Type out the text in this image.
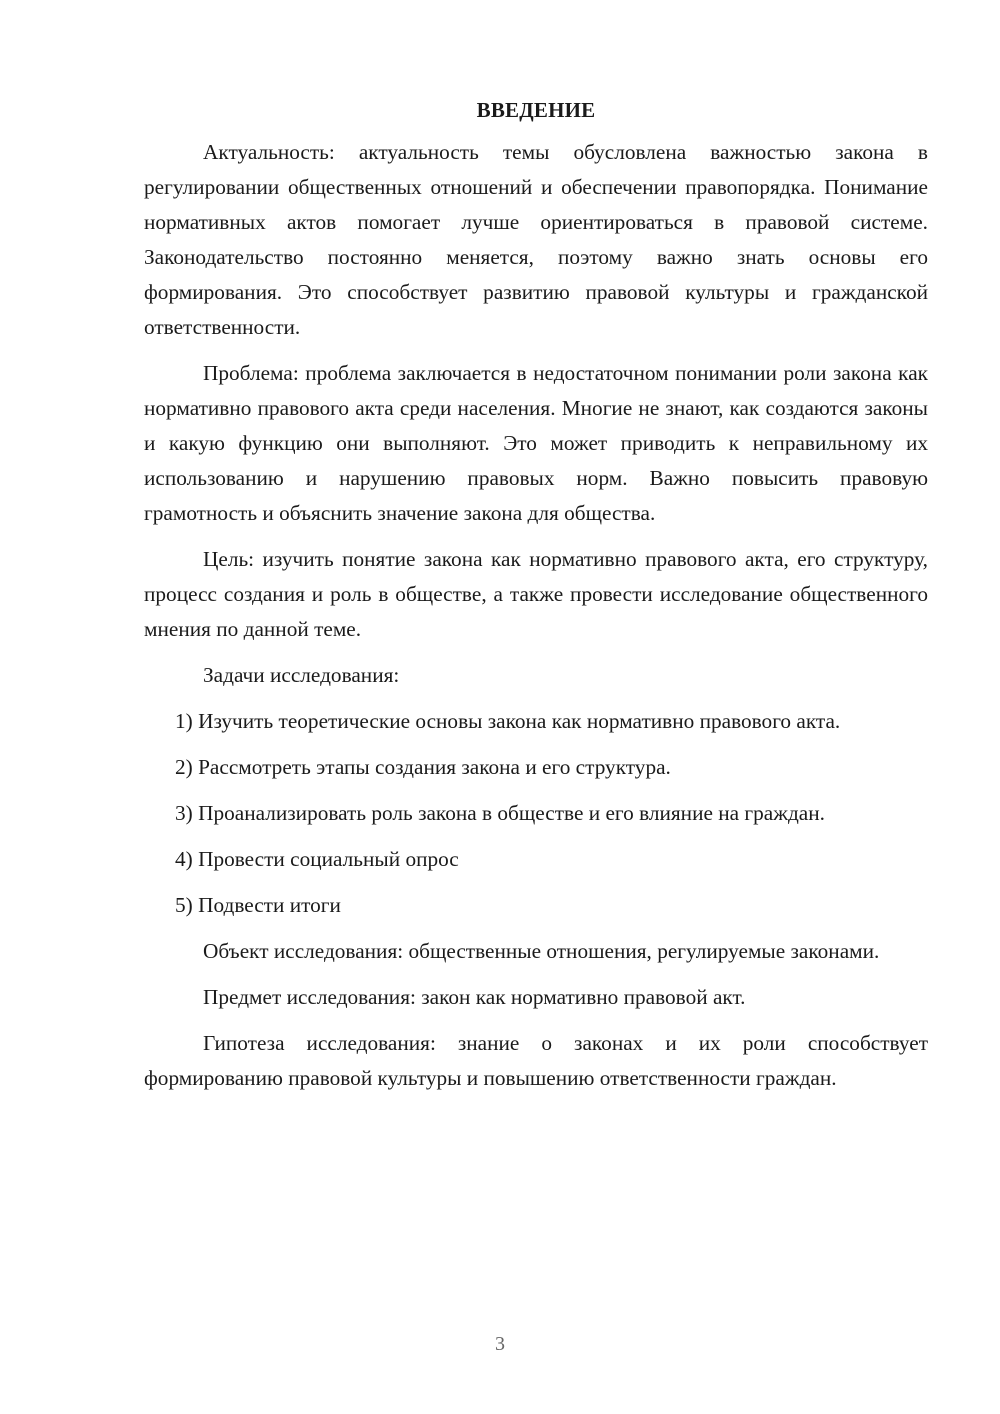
ВВЕДЕНИЕ

Актуальность: актуальность темы обусловлена важностью закона в регулировании общественных отношений и обеспечении правопорядка. Понимание нормативных актов помогает лучше ориентироваться в правовой системе. Законодательство постоянно меняется, поэтому важно знать основы его формирования. Это способствует развитию правовой культуры и гражданской ответственности.

Проблема: проблема заключается в недостаточном понимании роли закона как нормативно правового акта среди населения. Многие не знают, как создаются законы и какую функцию они выполняют. Это может приводить к неправильному их использованию и нарушению правовых норм. Важно повысить правовую грамотность и объяснить значение закона для общества.

Цель: изучить понятие закона как нормативно правового акта, его структуру, процесс создания и роль в обществе, а также провести исследование общественного мнения по данной теме.

Задачи исследования:

1) Изучить теоретические основы закона как нормативно правового акта.

2) Рассмотреть этапы создания закона и его структура.

3) Проанализировать роль закона в обществе и его влияние на граждан.

4) Провести социальный опрос

5) Подвести итоги

Объект исследования: общественные отношения, регулируемые законами.

Предмет исследования: закон как нормативно правовой акт.

Гипотеза исследования: знание о законах и их роли способствует формированию правовой культуры и повышению ответственности граждан.

3
